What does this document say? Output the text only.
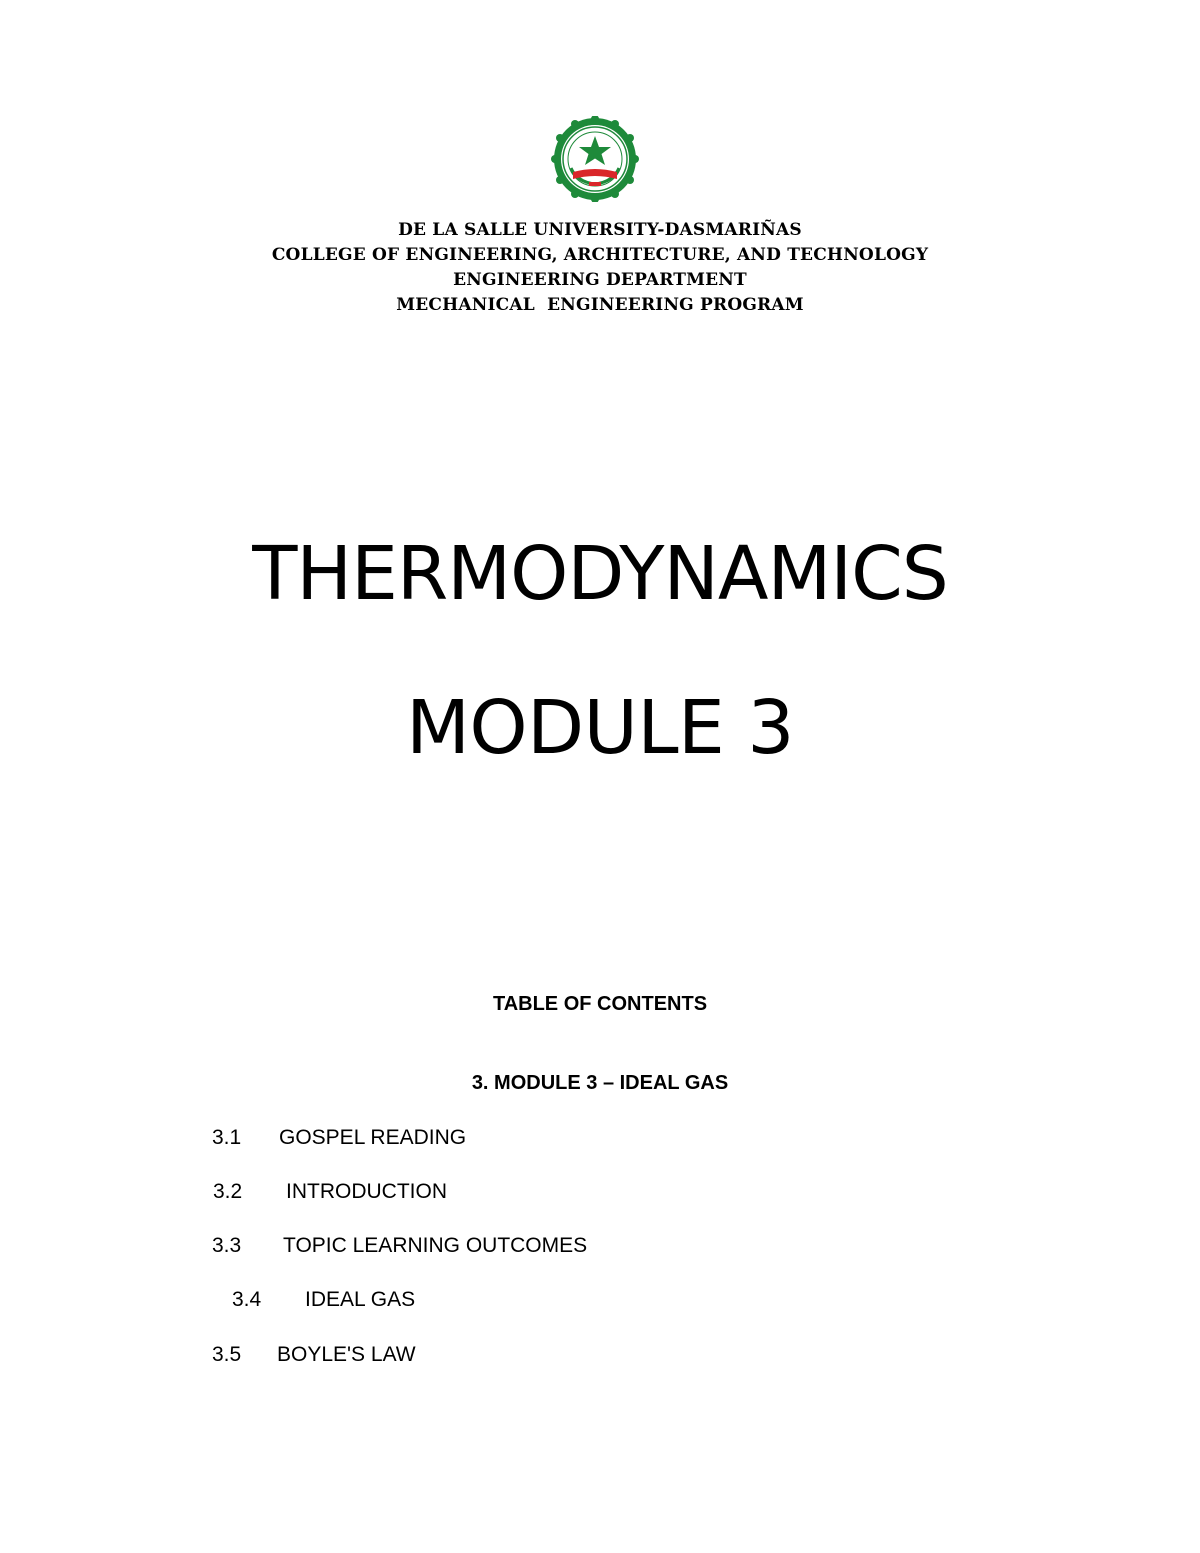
DE LA SALLE UNIVERSITY-DASMARIÑAS
COLLEGE OF ENGINEERING, ARCHITECTURE, AND TECHNOLOGY
ENGINEERING DEPARTMENT
MECHANICAL  ENGINEERING PROGRAM
THERMODYNAMICS
MODULE 3
TABLE OF CONTENTS
3. MODULE 3 – IDEAL GAS
3.1 GOSPEL READING
3.2 INTRODUCTION
3.3 TOPIC LEARNING OUTCOMES
3.4 IDEAL GAS
3.5 BOYLE'S LAW
